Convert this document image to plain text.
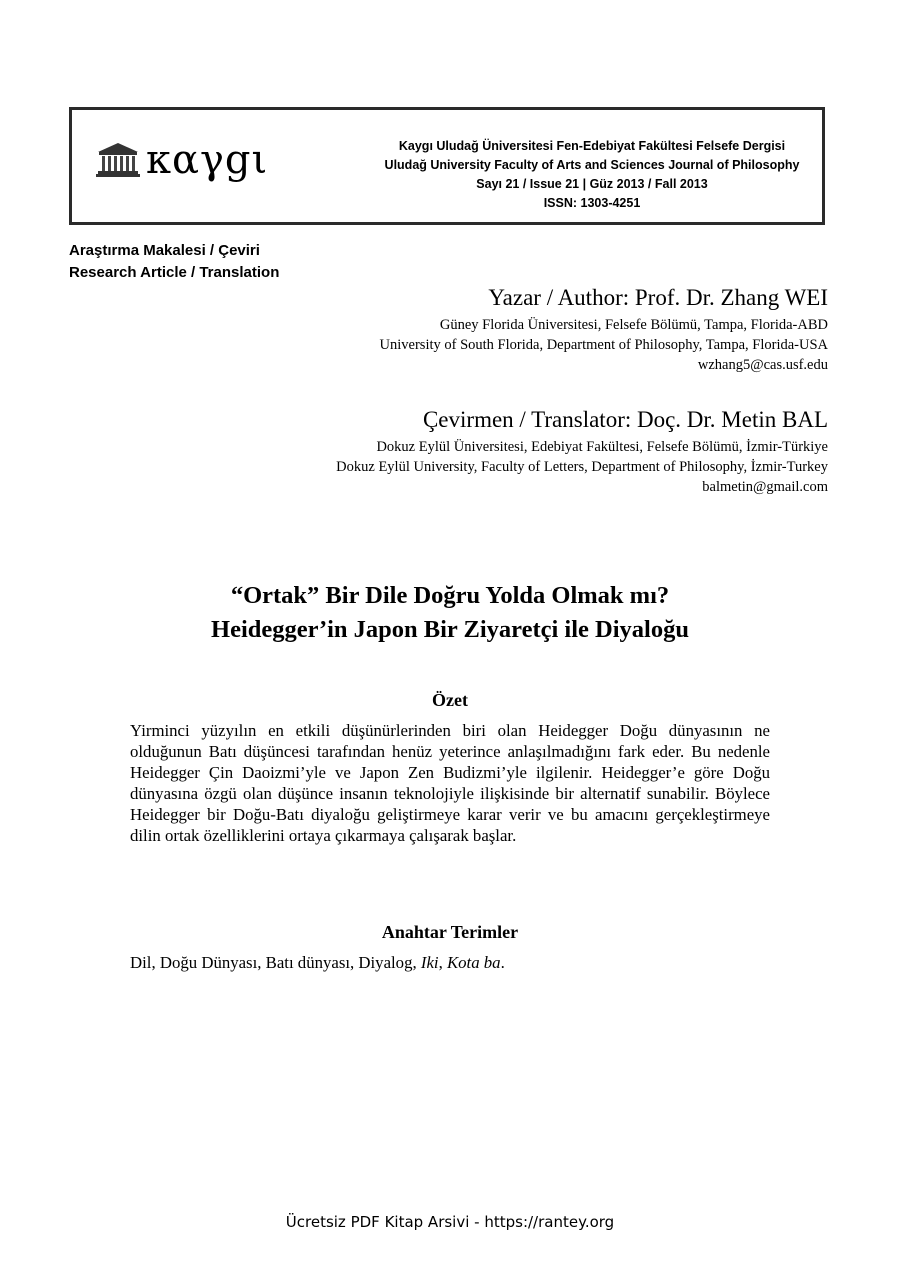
καγgι	Kaygı Uludağ Üniversitesi Fen-Edebiyat Fakültesi Felsefe Dergisi
Uludağ University Faculty of Arts and Sciences Journal of Philosophy
Sayı 21 / Issue 21 | Güz 2013 / Fall 2013
ISSN: 1303-4251
Araştırma Makalesi / Çeviri
Research Article / Translation
Yazar / Author: Prof. Dr. Zhang WEI
Güney Florida Üniversitesi, Felsefe Bölümü, Tampa, Florida-ABD
University of South Florida, Department of Philosophy, Tampa, Florida-USA
wzhang5@cas.usf.edu
Çevirmen / Translator: Doç. Dr. Metin BAL
Dokuz Eylül Üniversitesi, Edebiyat Fakültesi, Felsefe Bölümü, İzmir-Türkiye
Dokuz Eylül University, Faculty of Letters, Department of Philosophy, İzmir-Turkey
balmetin@gmail.com
“Ortak” Bir Dile Doğru Yolda Olmak mı?
Heidegger’in Japon Bir Ziyaretçi ile Diyaloğu
Özet
Yirminci yüzyılın en etkili düşünürlerinden biri olan Heidegger Doğu dünyasının ne olduğunun Batı düşüncesi tarafından henüz yeterince anlaşılmadığını fark eder. Bu nedenle Heidegger Çin Daoizmi’yle ve Japon Zen Budizmi’yle ilgilenir. Heidegger’e göre Doğu dünyasına özgü olan düşünce insanın teknolojiyle ilişkisinde bir alternatif sunabilir. Böylece Heidegger bir Doğu-Batı diyaloğu geliştirmeye karar verir ve bu amacını gerçekleştirmeye dilin ortak özelliklerini ortaya çıkarmaya çalışarak başlar.
Anahtar Terimler
Dil, Doğu Dünyası, Batı dünyası, Diyalog, Iki, Kota ba.
Ücretsiz PDF Kitap Arsivi - https://rantey.org
